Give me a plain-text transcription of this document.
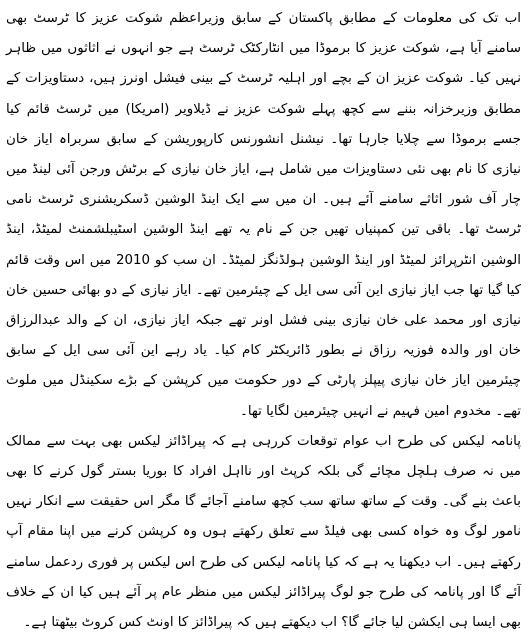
اب تک کی معلومات کے مطابق پاکستان کے سابق وزیراعظم شوکت عزیز کا ٹرسٹ بھی سامنے آیا ہے، شوکت عزیز کا برموڈا میں انٹارکٹک ٹرسٹ ہے جو انہوں نے اثاثوں میں ظاہر نہیں کیا۔ شوکت عزیز ان کے بچے اور اہلیہ ٹرسٹ کے بینی فیشل اونرز ہیں، دستاویزات کے مطابق وزیرخزانہ بننے سے کچھ پہلے شوکت عزیز نے ڈیلاویر (امریکا) میں ٹرسٹ قائم کیا جسے برموڈا سے چلایا جارہا تھا۔ نیشنل انشورنس کارپوریشن کے سابق سربراہ ایاز خان نیازی کا نام بھی نئی دستاویزات میں شامل ہے، ایاز خان نیازی کے برٹش ورجن آئی لینڈ میں چار آف شور اثاثے سامنے آئے ہیں۔ ان میں سے ایک اینڈ الوشین ڈسکریشنری ٹرسٹ نامی ٹرسٹ تھا۔ باقی تین کمپنیاں تھیں جن کے نام یہ تھے اینڈ الوشین اسٹیبلشمنٹ لمیٹڈ، اینڈ الوشین انٹرپرائز لمیٹڈ اور اینڈ الوشین ہولڈنگز لمیٹڈ۔ ان سب کو 2010 میں اس وقت قائم کیا گیا تھا جب ایاز نیازی این آئی سی ایل کے چیئرمین تھے۔ ایاز نیازی کے دو بھائی حسین خان نیازی اور محمد علی خان نیازی بینی فشل اونر تھے جبکہ ایاز نیازی، ان کے والد عبدالرزاق خان اور والدہ فوزیہ رزاق نے بطور ڈائریکٹر کام کیا۔ یاد رہے این آئی سی ایل کے سابق چیئرمین ایاز خان نیازی پیپلز پارٹی کے دور حکومت میں کرپشن کے بڑے سکینڈل میں ملوث تھے۔ مخدوم امین فہیم نے انہیں چیئرمین لگایا تھا۔

پانامہ لیکس کی طرح اب عوام توقعات کررہی ہے کہ پیراڈائز لیکس بھی بہت سے ممالک میں نہ صرف ہلچل مچائے گی بلکہ کرپٹ اور نااہل افراد کا بوریا بستر گول کرنے کا بھی باعث بنے گی۔ وقت کے ساتھ ساتھ سب کچھ سامنے آجائے گا مگر اس حقیقت سے انکار نہیں نامور لوگ وہ خواہ کسی بھی فیلڈ سے تعلق رکھتے ہوں وہ کرپشن کرنے میں اپنا مقام آپ رکھتے ہیں۔ اب دیکھنا یہ ہے کہ کیا پانامہ لیکس کی طرح اس لیکس پر فوری ردعمل سامنے آئے گا اور پانامہ کی طرح جو لوگ پیراڈائز لیکس میں منظر عام پر آئے ہیں کیا ان کے خلاف بھی ایسا ہی ایکشن لیا جائے گا؟ اب دیکھتے ہیں کہ پیراڈائز کا اونٹ کس کروٹ بیٹھتا ہے۔
